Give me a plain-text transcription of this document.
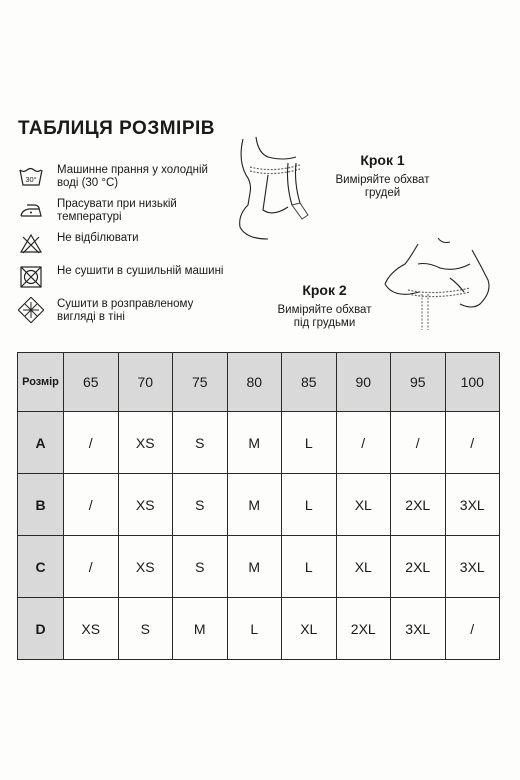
ТАБЛИЦЯ РОЗМІРІВ
30°
Машинне прання у холодній воді (30 °С)
Прасувати при низькій температурі
Не відбілювати
Не сушити в сушильній машині
Сушити в розправленому вигляді в тіні
Крок 1
Виміряйте обхват
грудей
Крок 2
Виміряйте обхват
під грудьми
Розмір	65	70	75	80	85	90	95	100
A	/	XS	S	M	L	/	/	/
B	/	XS	S	M	L	XL	2XL	3XL
C	/	XS	S	M	L	XL	2XL	3XL
D	XS	S	M	L	XL	2XL	3XL	/
